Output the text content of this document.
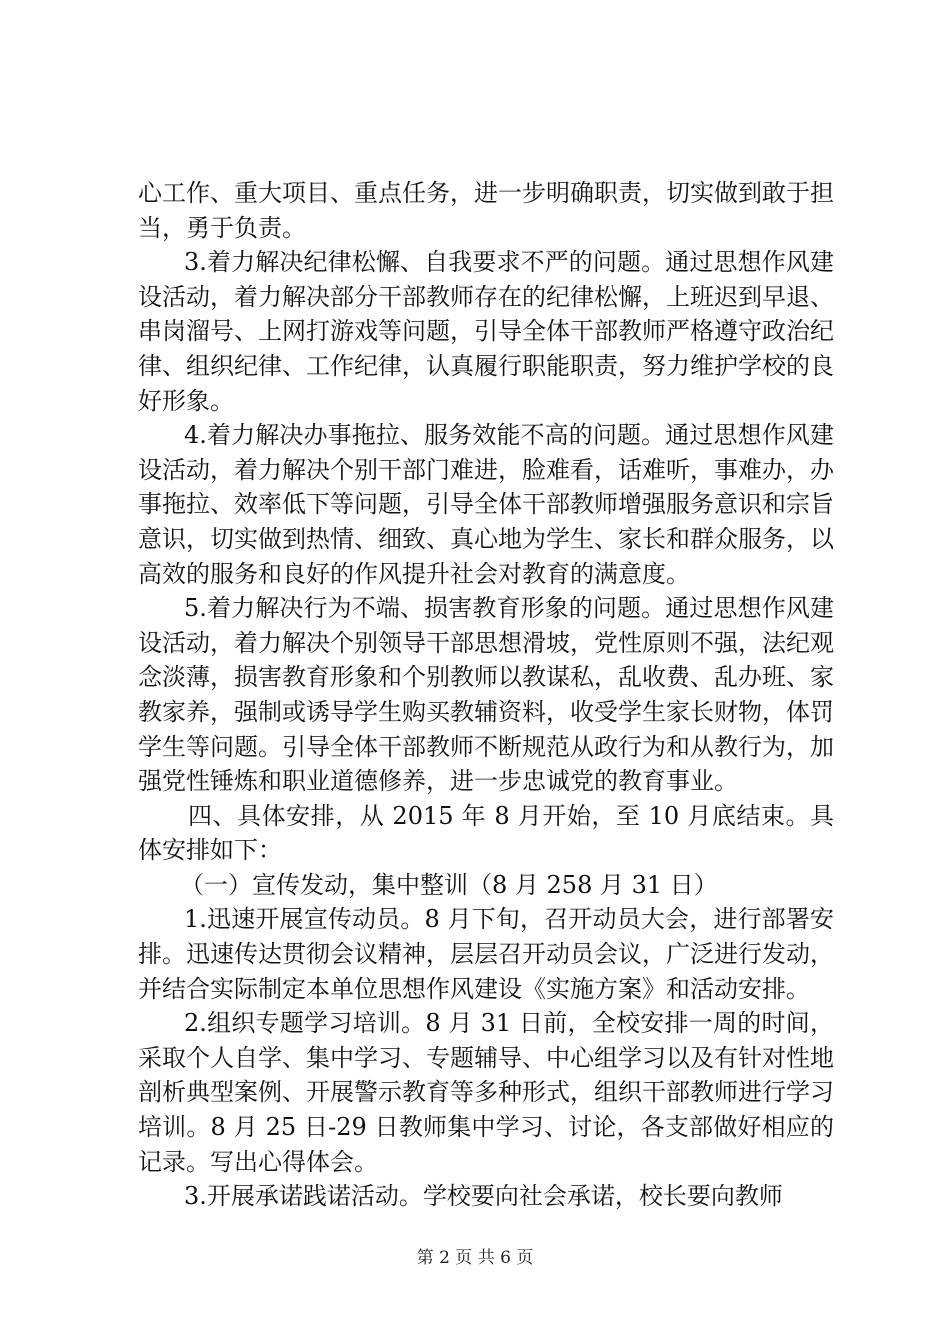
心工作、重大项目、重点任务，进一步明确职责，切实做到敢于担当，勇于负责。

3.着力解决纪律松懈、自我要求不严的问题。通过思想作风建设活动，着力解决部分干部教师存在的纪律松懈，上班迟到早退、串岗溜号、上网打游戏等问题，引导全体干部教师严格遵守政治纪律、组织纪律、工作纪律，认真履行职能职责，努力维护学校的良好形象。

4.着力解决办事拖拉、服务效能不高的问题。通过思想作风建设活动，着力解决个别干部门难进，脸难看，话难听，事难办，办事拖拉、效率低下等问题，引导全体干部教师增强服务意识和宗旨意识，切实做到热情、细致、真心地为学生、家长和群众服务，以高效的服务和良好的作风提升社会对教育的满意度。

5.着力解决行为不端、损害教育形象的问题。通过思想作风建设活动，着力解决个别领导干部思想滑坡，党性原则不强，法纪观念淡薄，损害教育形象和个别教师以教谋私，乱收费、乱办班、家教家养，强制或诱导学生购买教辅资料，收受学生家长财物，体罚学生等问题。引导全体干部教师不断规范从政行为和从教行为，加强党性锤炼和职业道德修养，进一步忠诚党的教育事业。

四、具体安排，从 2015 年 8 月开始，至 10 月底结束。具体安排如下：

（一）宣传发动，集中整训（8 月 258 月 31 日）

1.迅速开展宣传动员。8 月下旬，召开动员大会，进行部署安排。迅速传达贯彻会议精神，层层召开动员会议，广泛进行发动，并结合实际制定本单位思想作风建设《实施方案》和活动安排。

2.组织专题学习培训。8 月 31 日前，全校安排一周的时间，采取个人自学、集中学习、专题辅导、中心组学习以及有针对性地剖析典型案例、开展警示教育等多种形式，组织干部教师进行学习培训。8 月 25 日-29 日教师集中学习、讨论，各支部做好相应的记录。写出心得体会。

3.开展承诺践诺活动。学校要向社会承诺，校长要向教师

第 2 页 共 6 页
